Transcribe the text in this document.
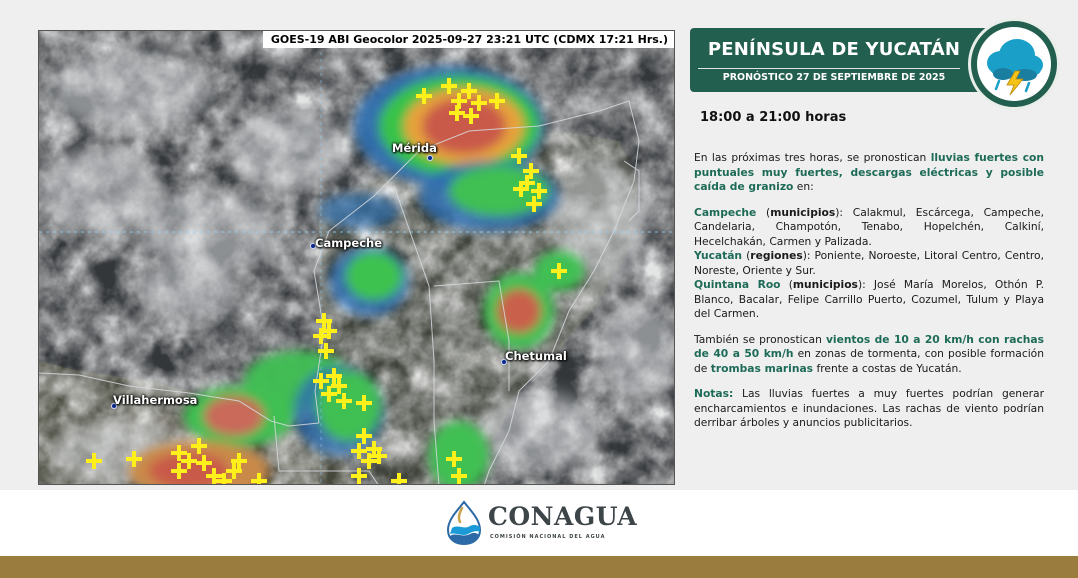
GOES-19 ABI Geocolor 2025-09-27 23:21 UTC (CDMX 17:21 Hrs.)
Mérida
Campeche
Chetumal
Villahermosa
PENÍNSULA DE YUCATÁN
PRONÓSTICO 27 DE SEPTIEMBRE DE 2025
18:00 a 21:00 horas

En las próximas tres horas, se pronostican lluvias fuertes con puntuales muy fuertes, descargas eléctricas y posible caída de granizo en:

Campeche (municipios): Calakmul, Escárcega, Campeche, Candelaria, Champotón, Tenabo, Hopelchén, Calkiní, Hecelchakán, Carmen y Palizada.

Yucatán (regiones): Poniente, Noroeste, Litoral Centro, Centro, Noreste, Oriente y Sur.

Quintana Roo (municipios): José María Morelos, Othón P. Blanco, Bacalar, Felipe Carrillo Puerto, Cozumel, Tulum y Playa del Carmen.

También se pronostican vientos de 10 a 20 km/h con rachas de 40 a 50 km/h en zonas de tormenta, con posible formación de trombas marinas frente a costas de Yucatán.

Notas: Las lluvias fuertes a muy fuertes podrían generar encharcamientos e inundaciones. Las rachas de viento podrían derribar árboles y anuncios publicitarios.

CONAGUA
COMISIÓN NACIONAL DEL AGUA
